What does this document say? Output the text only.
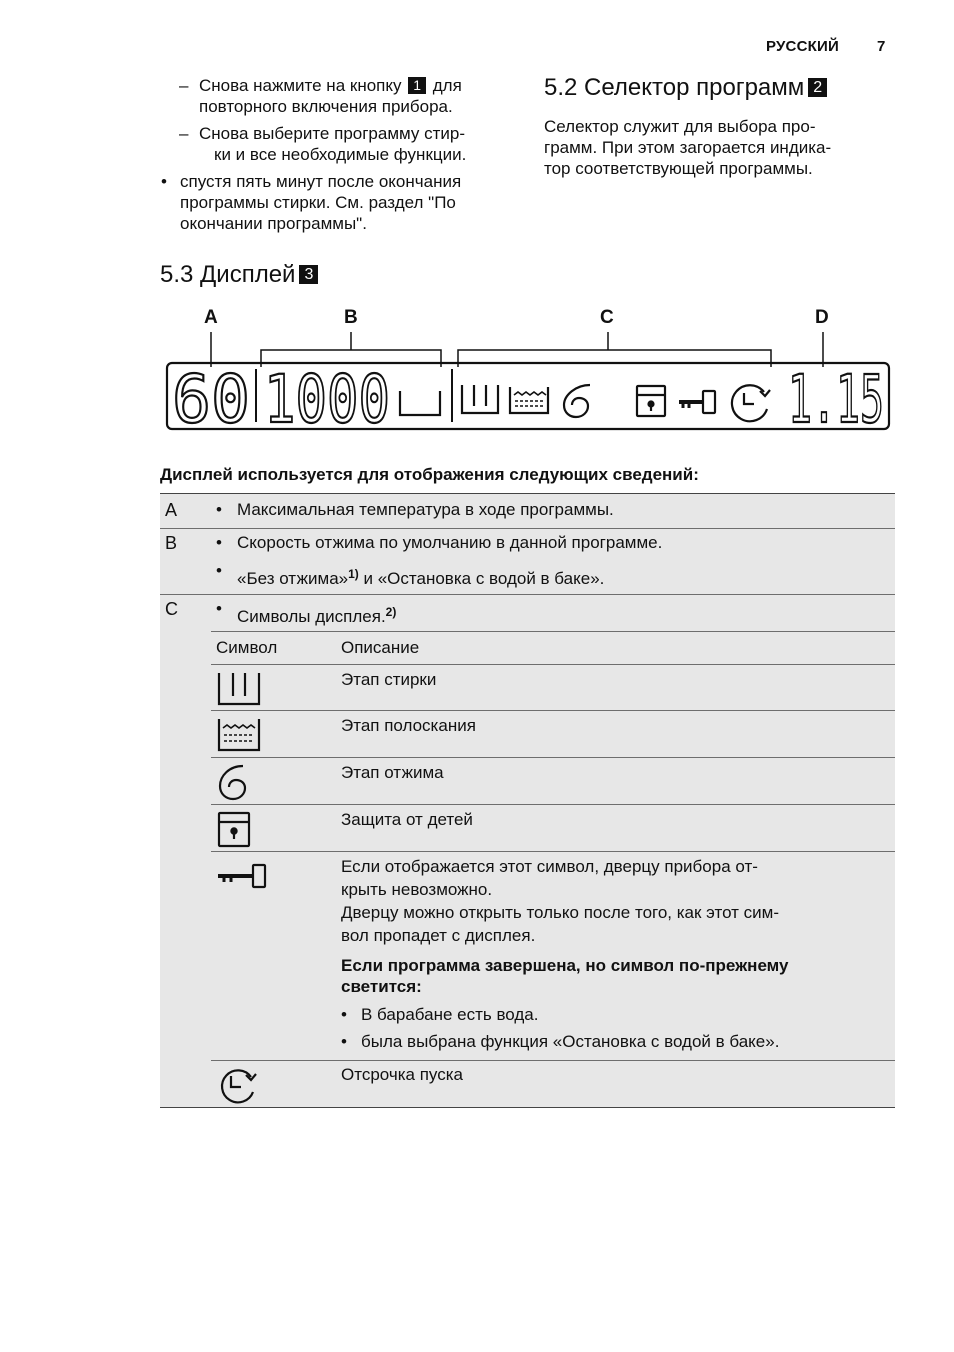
РУССКИЙ	7
– Снова нажмите на кнопку 1 для
повторного включения прибора.
– Снова выберите программу стир-
ки и все необходимые функции.
• спустя пять минут после окончания
программы стирки. См. раздел "По
окончании программы".
5.2 Селектор программ 2
Селектор служит для выбора про-
грамм. При этом загорается индика-
тор соответствующей программы.
5.3 Дисплей 3
A	B	C	D
60 1000	1.15
Дисплей используется для отображения следующих сведений:
A • Максимальная температура в ходе программы.
B • Скорость отжима по умолчанию в данной программе.
• «Без отжима»$^{1)}$ и «Остановка с водой в баке».
C • Символы дисплея.$^{2)}$
Символ	Описание
Этап стирки
Этап полоскания
Этап отжима
Защита от детей
Если отображается этот символ, дверцу прибора от-
крыть невозможно.
Дверцу можно открыть только после того, как этот сим-
вол пропадет с дисплея.
Если программа завершена, но символ по-прежнему
светится:
• В барабане есть вода.
• была выбрана функция «Остановка с водой в баке».
Отсрочка пуска
